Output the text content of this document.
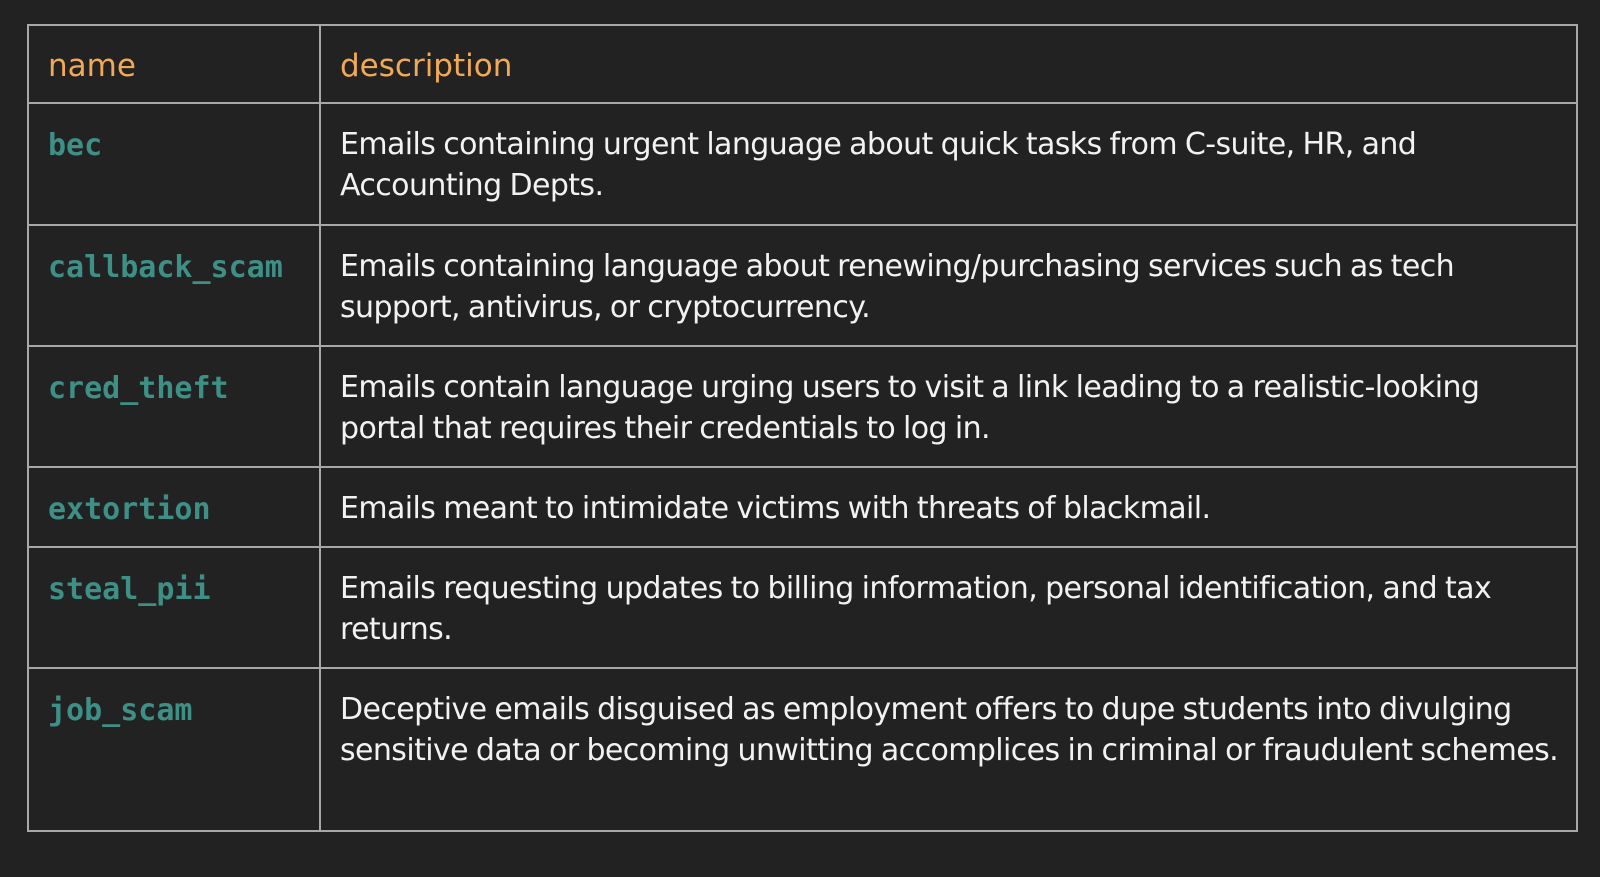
name	description
bec	Emails containing urgent language about quick tasks from C-suite, HR, and Accounting Depts.
callback_scam	Emails containing language about renewing/purchasing services such as tech support, antivirus, or cryptocurrency.
cred_theft	Emails contain language urging users to visit a link leading to a realistic-looking portal that requires their credentials to log in.
extortion	Emails meant to intimidate victims with threats of blackmail.
steal_pii	Emails requesting updates to billing information, personal identification, and tax returns.
job_scam	Deceptive emails disguised as employment offers to dupe students into divulging sensitive data or becoming unwitting accomplices in criminal or fraudulent schemes.
